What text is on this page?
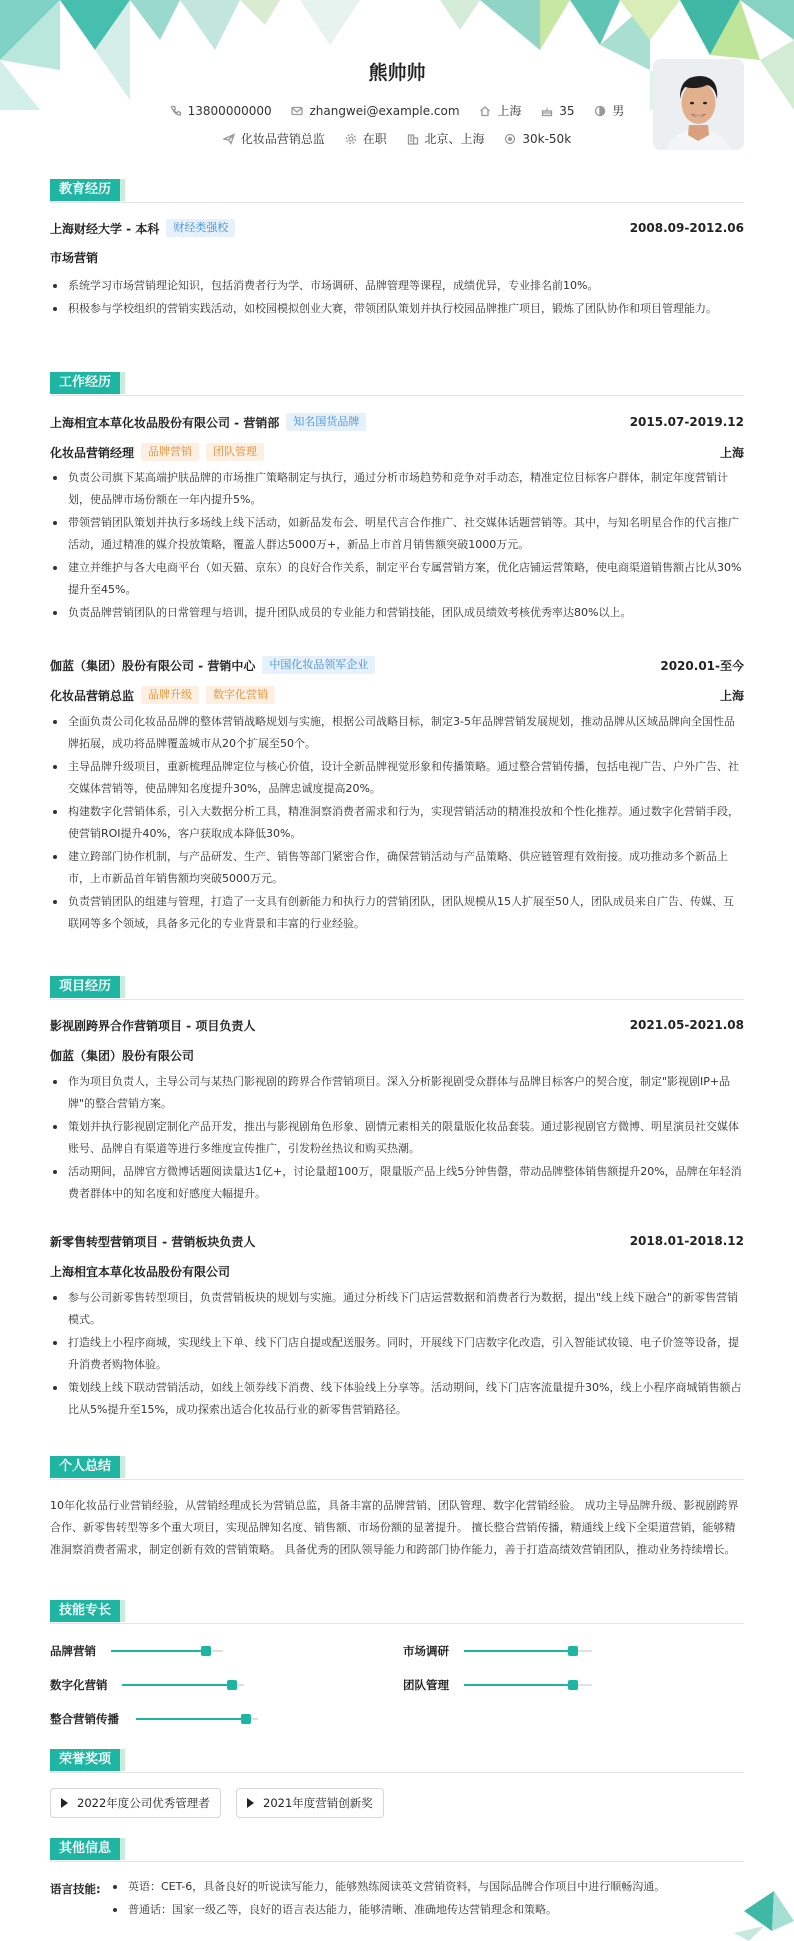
熊帅帅
13800000000
	zhangwei@example.com
	上海
	35
	男
化妆品营销总监
	在职
	北京、上海
	30k-50k
教育经历
上海财经大学 - 本科	财经类强校	2008.09-2012.06
市场营销
系统学习市场营销理论知识，包括消费者行为学、市场调研、品牌管理等课程，成绩优异，专业排名前10%。
积极参与学校组织的营销实践活动，如校园模拟创业大赛，带领团队策划并执行校园品牌推广项目，锻炼了团队协作和项目管理能力。
工作经历
上海相宜本草化妆品股份有限公司 - 营销部	知名国货品牌	2015.07-2019.12
化妆品营销经理	品牌营销	团队管理	上海
负责公司旗下某高端护肤品牌的市场推广策略制定与执行，通过分析市场趋势和竞争对手动态，精准定位目标客户群体，制定年度营销计划，使品牌市场份额在一年内提升5%。
带领营销团队策划并执行多场线上线下活动，如新品发布会、明星代言合作推广、社交媒体话题营销等。其中，与知名明星合作的代言推广活动，通过精准的媒介投放策略，覆盖人群达5000万+，新品上市首月销售额突破1000万元。
建立并维护与各大电商平台（如天猫、京东）的良好合作关系，制定平台专属营销方案，优化店铺运营策略，使电商渠道销售额占比从30%提升至45%。
负责品牌营销团队的日常管理与培训，提升团队成员的专业能力和营销技能，团队成员绩效考核优秀率达80%以上。
伽蓝（集团）股份有限公司 - 营销中心	中国化妆品领军企业	2020.01-至今
化妆品营销总监	品牌升级	数字化营销	上海
全面负责公司化妆品品牌的整体营销战略规划与实施，根据公司战略目标，制定3-5年品牌营销发展规划，推动品牌从区域品牌向全国性品牌拓展，成功将品牌覆盖城市从20个扩展至50个。
主导品牌升级项目，重新梳理品牌定位与核心价值，设计全新品牌视觉形象和传播策略。通过整合营销传播，包括电视广告、户外广告、社交媒体营销等，使品牌知名度提升30%，品牌忠诚度提高20%。
构建数字化营销体系，引入大数据分析工具，精准洞察消费者需求和行为，实现营销活动的精准投放和个性化推荐。通过数字化营销手段，使营销ROI提升40%，客户获取成本降低30%。
建立跨部门协作机制，与产品研发、生产、销售等部门紧密合作，确保营销活动与产品策略、供应链管理有效衔接。成功推动多个新品上市，上市新品首年销售额均突破5000万元。
负责营销团队的组建与管理，打造了一支具有创新能力和执行力的营销团队，团队规模从15人扩展至50人，团队成员来自广告、传媒、互联网等多个领域，具备多元化的专业背景和丰富的行业经验。
项目经历
影视剧跨界合作营销项目 - 项目负责人	2021.05-2021.08
伽蓝（集团）股份有限公司
作为项目负责人，主导公司与某热门影视剧的跨界合作营销项目。深入分析影视剧受众群体与品牌目标客户的契合度，制定"影视剧IP+品牌"的整合营销方案。
策划并执行影视剧定制化产品开发，推出与影视剧角色形象、剧情元素相关的限量版化妆品套装。通过影视剧官方微博、明星演员社交媒体账号、品牌自有渠道等进行多维度宣传推广，引发粉丝热议和购买热潮。
活动期间，品牌官方微博话题阅读量达1亿+，讨论量超100万，限量版产品上线5分钟售罄，带动品牌整体销售额提升20%，品牌在年轻消费者群体中的知名度和好感度大幅提升。
新零售转型营销项目 - 营销板块负责人	2018.01-2018.12
上海相宜本草化妆品股份有限公司
参与公司新零售转型项目，负责营销板块的规划与实施。通过分析线下门店运营数据和消费者行为数据，提出"线上线下融合"的新零售营销模式。
打造线上小程序商城，实现线上下单、线下门店自提或配送服务。同时，开展线下门店数字化改造，引入智能试妆镜、电子价签等设备，提升消费者购物体验。
策划线上线下联动营销活动，如线上领券线下消费、线下体验线上分享等。活动期间，线下门店客流量提升30%，线上小程序商城销售额占比从5%提升至15%，成功探索出适合化妆品行业的新零售营销路径。
个人总结
10年化妆品行业营销经验，从营销经理成长为营销总监，具备丰富的品牌营销、团队管理、数字化营销经验。 成功主导品牌升级、影视剧跨界合作、新零售转型等多个重大项目，实现品牌知名度、销售额、市场份额的显著提升。 擅长整合营销传播，精通线上线下全渠道营销，能够精准洞察消费者需求，制定创新有效的营销策略。 具备优秀的团队领导能力和跨部门协作能力，善于打造高绩效营销团队，推动业务持续增长。
技能专长
品牌营销	市场调研
数字化营销	团队管理
整合营销传播
荣誉奖项
2022年度公司优秀管理者	2021年度营销创新奖
其他信息
语言技能:	英语：CET-6，具备良好的听说读写能力，能够熟练阅读英文营销资料，与国际品牌合作项目中进行顺畅沟通。
普通话：国家一级乙等，良好的语言表达能力，能够清晰、准确地传达营销理念和策略。
